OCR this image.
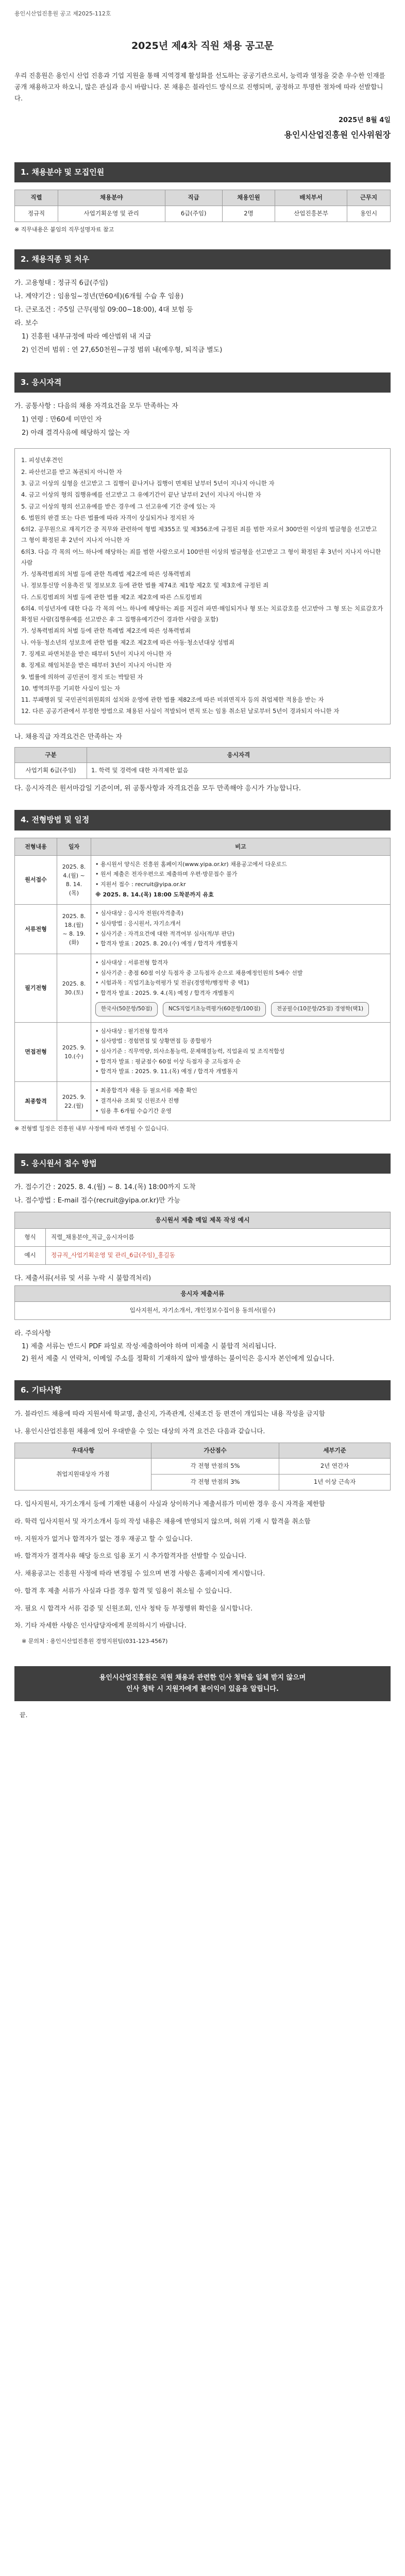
용인시산업진흥원 공고 제2025-112호
2025년 제4차 직원 채용 공고문
우리 진흥원은 용인시 산업 진흥과 기업 지원을 통해 지역경제 활성화를 선도하는 공공기관으로서, 능력과 열정을 갖춘 우수한 인재를 공개 채용하고자 하오니, 많은 관심과 응시 바랍니다. 본 채용은 블라인드 방식으로 진행되며, 공정하고 투명한 절차에 따라 선발합니다.
2025년 8월 4일
용인시산업진흥원 인사위원장
1. 채용분야 및 모집인원
직렬	채용분야	직급	채용인원	배치부서	근무지
정규직	사업기획운영 및 관리	6급(주임)	2명	산업진흥본부	용인시
※ 직무내용은 붙임의 직무설명자료 참고
2. 채용직종 및 처우
가. 고용형태 : 정규직 6급(주임)
나. 계약기간 : 임용일~정년(만60세)(6개월 수습 후 임용)
다. 근로조건 : 주5일 근무(평일 09:00~18:00), 4대 보험 등
라. 보수
1) 진흥원 내부규정에 따라 예산범위 내 지급
2) 인건비 범위 : 연 27,650천원~규정 범위 내(예우형, 퇴직금 별도)
3. 응시자격
가. 공통사항 : 다음의 채용 자격요건을 모두 만족하는 자
1) 연령 : 만60세 미만인 자
2) 아래 결격사유에 해당하지 않는 자
1. 피성년후견인
2. 파산선고를 받고 복권되지 아니한 자
3. 금고 이상의 실형을 선고받고 그 집행이 끝나거나 집행이 면제된 날부터 5년이 지나지 아니한 자
4. 금고 이상의 형의 집행유예를 선고받고 그 유예기간이 끝난 날부터 2년이 지나지 아니한 자
5. 금고 이상의 형의 선고유예를 받은 경우에 그 선고유예 기간 중에 있는 자
6. 법원의 판결 또는 다른 법률에 따라 자격이 상실되거나 정지된 자
6의2. 공무원으로 재직기간 중 직무와 관련하여 형법 제355조 및 제356조에 규정된 죄를 범한 자로서 300만원 이상의 벌금형을 선고받고 그 형이 확정된 후 2년이 지나지 아니한 자
6의3. 다음 각 목의 어느 하나에 해당하는 죄를 범한 사람으로서 100만원 이상의 벌금형을 선고받고 그 형이 확정된 후 3년이 지나지 아니한 사람
가. 성폭력범죄의 처벌 등에 관한 특례법 제2조에 따른 성폭력범죄
나. 정보통신망 이용촉진 및 정보보호 등에 관한 법률 제74조 제1항 제2호 및 제3호에 규정된 죄
다. 스토킹범죄의 처벌 등에 관한 법률 제2조 제2호에 따른 스토킹범죄
6의4. 미성년자에 대한 다음 각 목의 어느 하나에 해당하는 죄를 저질러 파면·해임되거나 형 또는 치료감호를 선고받아 그 형 또는 치료감호가 확정된 사람(집행유예를 선고받은 후 그 집행유예기간이 경과한 사람을 포함)
가. 성폭력범죄의 처벌 등에 관한 특례법 제2조에 따른 성폭력범죄
나. 아동·청소년의 성보호에 관한 법률 제2조 제2호에 따른 아동·청소년대상 성범죄
7. 징계로 파면처분을 받은 때부터 5년이 지나지 아니한 자
8. 징계로 해임처분을 받은 때부터 3년이 지나지 아니한 자
9. 법률에 의하여 공민권이 정지 또는 박탈된 자
10. 병역의무를 기피한 사실이 있는 자
11. 부패행위 및 국민권익위원회의 설치와 운영에 관한 법률 제82조에 따른 비위면직자 등의 취업제한 적용을 받는 자
12. 다른 공공기관에서 부정한 방법으로 채용된 사실이 적발되어 면직 또는 임용 취소된 날로부터 5년이 경과되지 아니한 자
나. 채용직급 자격요건은 만족하는 자
구분	응시자격
사업기획 6급(주임)	1. 학력 및 경력에 대한 자격제한 없음
다. 응시자격은 원서마감일 기준이며, 위 공통사항과 자격요건을 모두 만족해야 응시가 가능합니다.
4. 전형방법 및 일정
전형내용	일자	비고
원서접수	2025. 8. 4.(월) ~ 8. 14.(목)	• 용시원서 양식은 진흥원 홈페이지(www.yipa.or.kr) 채용공고에서 다운로드
• 원서 제출은 전자우편으로 제출하며 우편·방문접수 불가
• 지원서 접수 : recruit@yipa.or.kr
※ 2025. 8. 14.(목) 18:00 도착분까지 유효

서류전형	2025. 8. 18.(월) ~ 8. 19.(화)	• 심사대상 : 응시자 전원(자격충족)
• 심사방법 : 응시원서, 자기소개서
• 심사기준 : 자격요건에 대한 적격여부 심사(적/부 판단)
• 합격자 발표 : 2025. 8. 20.(수) 예정 / 합격자 개별통지

필기전형	2025. 8. 30.(토)	• 심사대상 : 서류전형 합격자
• 심사기준 : 총점 60점 이상 득점자 중 고득점자 순으로 채용예정인원의 5배수 선발
• 시험과목 : 직업기초능력평가 및 전공(경영학/행정학 중 택1)
• 합격자 발표 : 2025. 9. 4.(목) 예정 / 합격자 개별통지
한국사(50문항/50점) NCS직업기초능력평가(60문항/100점) 전공필수(10문항/25점) 경영학(택1)

면접전형	2025. 9. 10.(수)	• 심사대상 : 필기전형 합격자
• 심사방법 : 경험면접 및 상황면접 등 종합평가
• 심사기준 : 직무역량, 의사소통능력, 문제해결능력, 직업윤리 및 조직적합성
• 합격자 발표 : 평균점수 60점 이상 득점자 중 고득점자 순
• 합격자 발표 : 2025. 9. 11.(목) 예정 / 합격자 개별통지

최종합격	2025. 9. 22.(월)	• 최종합격자 채용 등 필요서류 제출 확인
• 결격사유 조회 및 신원조사 진행
• 임용 후 6개월 수습기간 운영
※ 전형별 일정은 진흥원 내부 사정에 따라 변경될 수 있습니다.
5. 응시원서 접수 방법
가. 접수기간 : 2025. 8. 4.(월) ~ 8. 14.(목) 18:00까지 도착
나. 접수방법 : E-mail 접수(recruit@yipa.or.kr)만 가능
응시원서 제출 메일 제목 작성 예시
형식	직렬_채용분야_직급_응시자이름
예시	정규직_사업기획운영 및 관리_6급(주임)_홍길동
다. 제출서류(서류 및 서류 누락 시 불합격처리)
응시자 제출서류
입사지원서, 자기소개서, 개인정보수집이용 동의서(필수)
라. 주의사항
1) 제출 서류는 반드시 PDF 파일로 작성·제출하여야 하며 미제출 시 불합격 처리됩니다.
2) 원서 제출 시 연락처, 이메일 주소를 정확히 기재하지 않아 발생하는 불이익은 응시자 본인에게 있습니다.
6. 기타사항
가. 블라인드 채용에 따라 지원서에 학교명, 출신지, 가족관계, 신체조건 등 편견이 개입되는 내용 작성을 금지함
나. 용인시산업진흥원 채용에 있어 우대받을 수 있는 대상의 자격 요건은 다음과 같습니다.
우대사항	가산점수	세부기준
취업지원대상자 가점	각 전형 만점의 5%	2년 연간자
	각 전형 만점의 3%	1년 이상 근속자
다. 입사지원서, 자기소개서 등에 기재한 내용이 사실과 상이하거나 제출서류가 미비한 경우 응시 자격을 제한함
라. 학력 입사지원서 및 자기소개서 등의 작성 내용은 채용에 반영되지 않으며, 허위 기재 시 합격을 취소함
마. 지원자가 없거나 합격자가 없는 경우 재공고 할 수 있습니다.
바. 합격자가 결격사유 해당 등으로 임용 포기 시 추가합격자를 선발할 수 있습니다.
사. 채용공고는 진흥원 사정에 따라 변경될 수 있으며 변경 사항은 홈페이지에 게시합니다.
아. 합격 후 제출 서류가 사실과 다를 경우 합격 및 임용이 취소될 수 있습니다.
자. 필요 시 합격자 서류 검증 및 신원조회, 인사 청탁 등 부정행위 확인을 실시합니다.
차. 기타 자세한 사항은 인사담당자에게 문의하시기 바랍니다.
※ 문의처 : 용인시산업진흥원 경영지원팀(031-123-4567)
용인시산업진흥원은 직원 채용과 관련한 인사 청탁을 일체 받지 않으며
인사 청탁 시 지원자에게 불이익이 있음을 알립니다.
끝.
